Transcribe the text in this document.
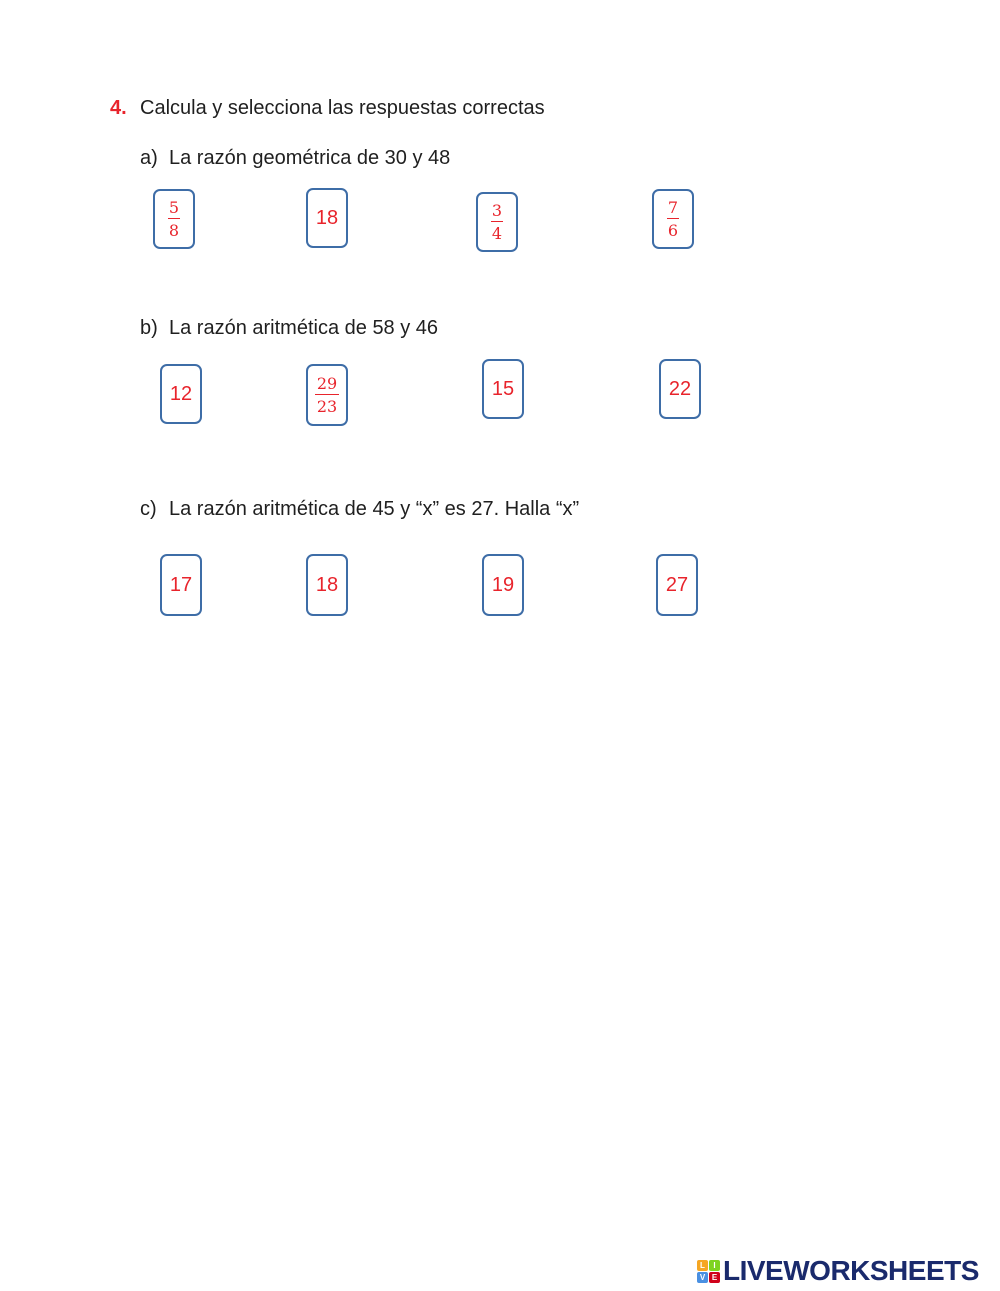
4. Calcula y selecciona las respuestas correctas
a) La razón geométrica de 30 y 48
$\frac{5}{8}$	18	$\frac{3}{4}$	$\frac{7}{6}$
b) La razón aritmética de 58 y 46
12	$\frac{29}{23}$	15	22
c) La razón aritmética de 45 y “x” es 27. Halla “x”
17	18	19	27
L	I
V E LIVEWORKSHEETS
